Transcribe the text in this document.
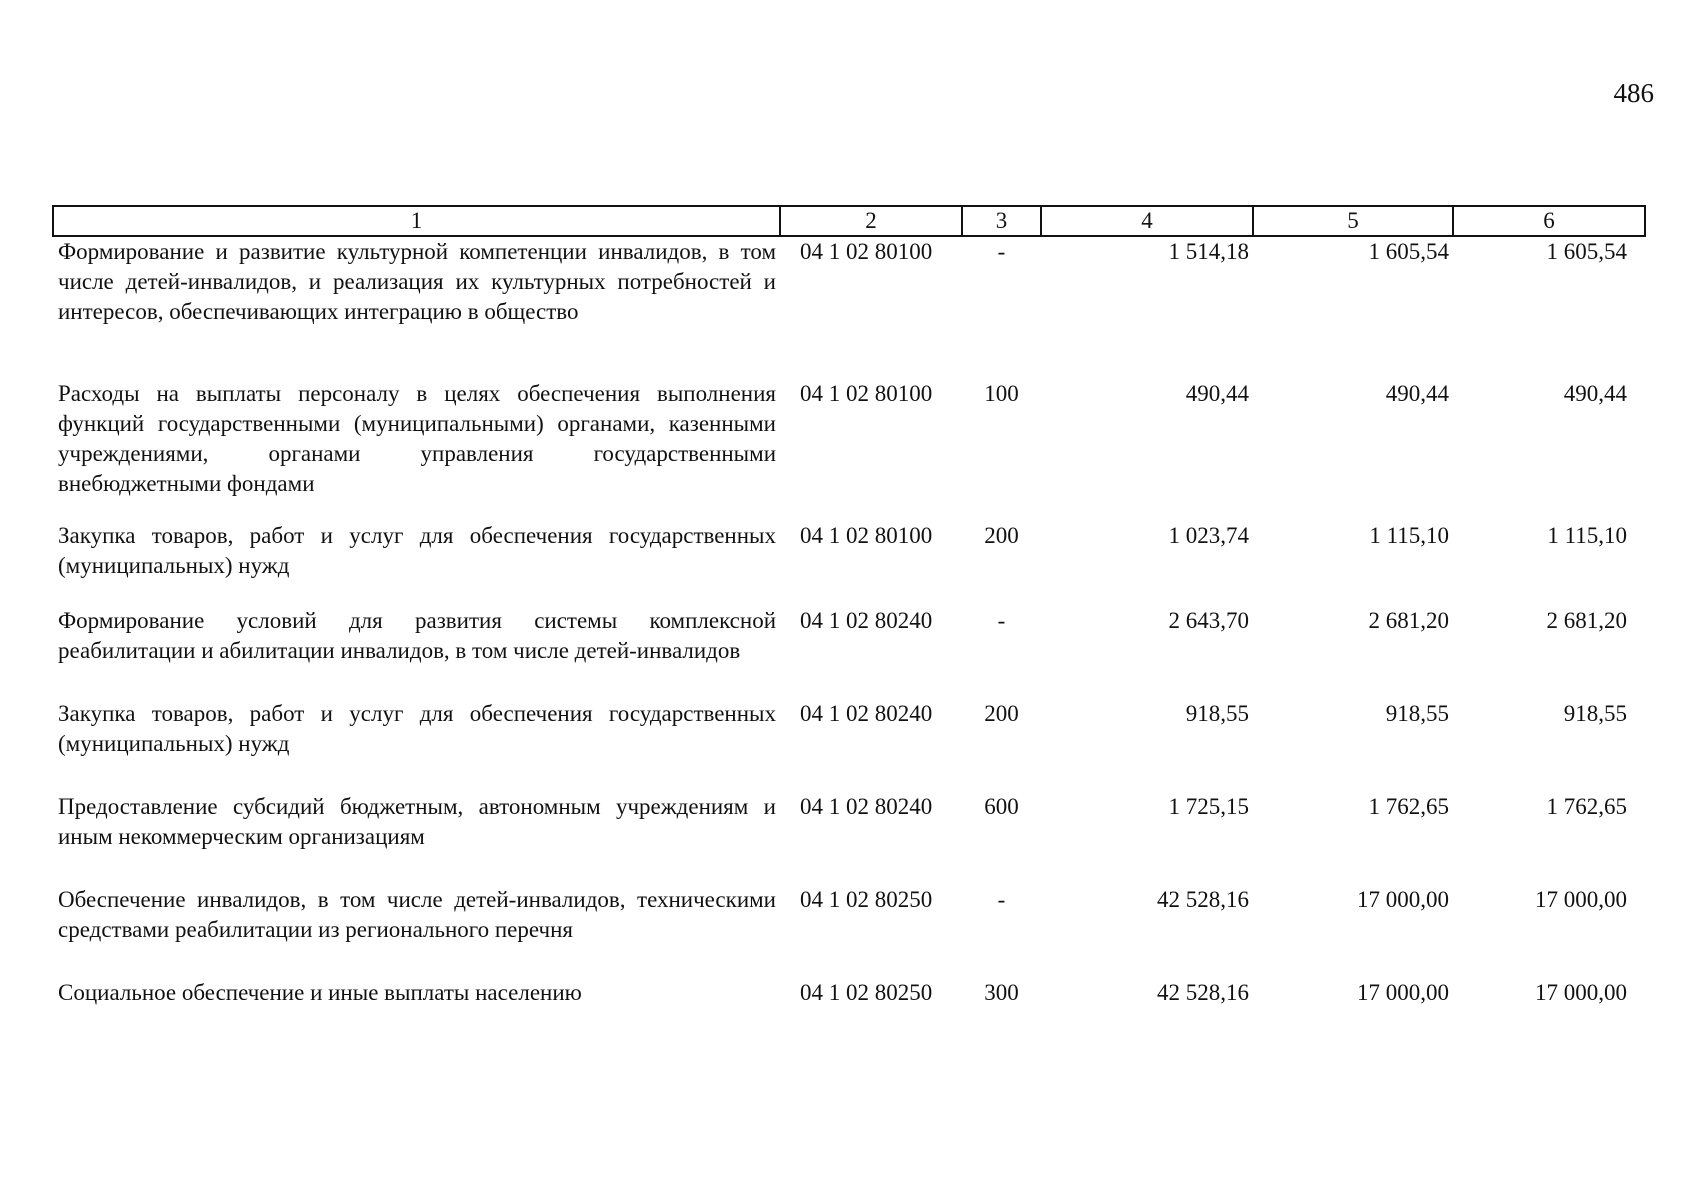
486
1	2	3	4	5	6
Формирование и развитие культурной компетенции инвалидов, в том числе детей-инвалидов, и реализация их культурных потребностей и интересов, обеспечивающих интеграцию в общество	04 1 02 80100	-	1 514,18	1 605,54	1 605,54
Расходы на выплаты персоналу в целях обеспечения выполнения функций государственными (муниципальными) органами, казенными учреждениями, органами управления государственными внебюджетными фондами	04 1 02 80100	100	490,44	490,44	490,44
Закупка товаров, работ и услуг для обеспечения государственных (муниципальных) нужд	04 1 02 80100	200	1 023,74	1 115,10	1 115,10
Формирование условий для развития системы комплексной реабилитации и абилитации инвалидов, в том числе детей-инвалидов	04 1 02 80240	-	2 643,70	2 681,20	2 681,20
Закупка товаров, работ и услуг для обеспечения государственных (муниципальных) нужд	04 1 02 80240	200	918,55	918,55	918,55
Предоставление субсидий бюджетным, автономным учреждениям и иным некоммерческим организациям	04 1 02 80240	600	1 725,15	1 762,65	1 762,65
Обеспечение инвалидов, в том числе детей-инвалидов, техническими средствами реабилитации из регионального перечня	04 1 02 80250	-	42 528,16	17 000,00	17 000,00
Социальное обеспечение и иные выплаты населению	04 1 02 80250	300	42 528,16	17 000,00	17 000,00
